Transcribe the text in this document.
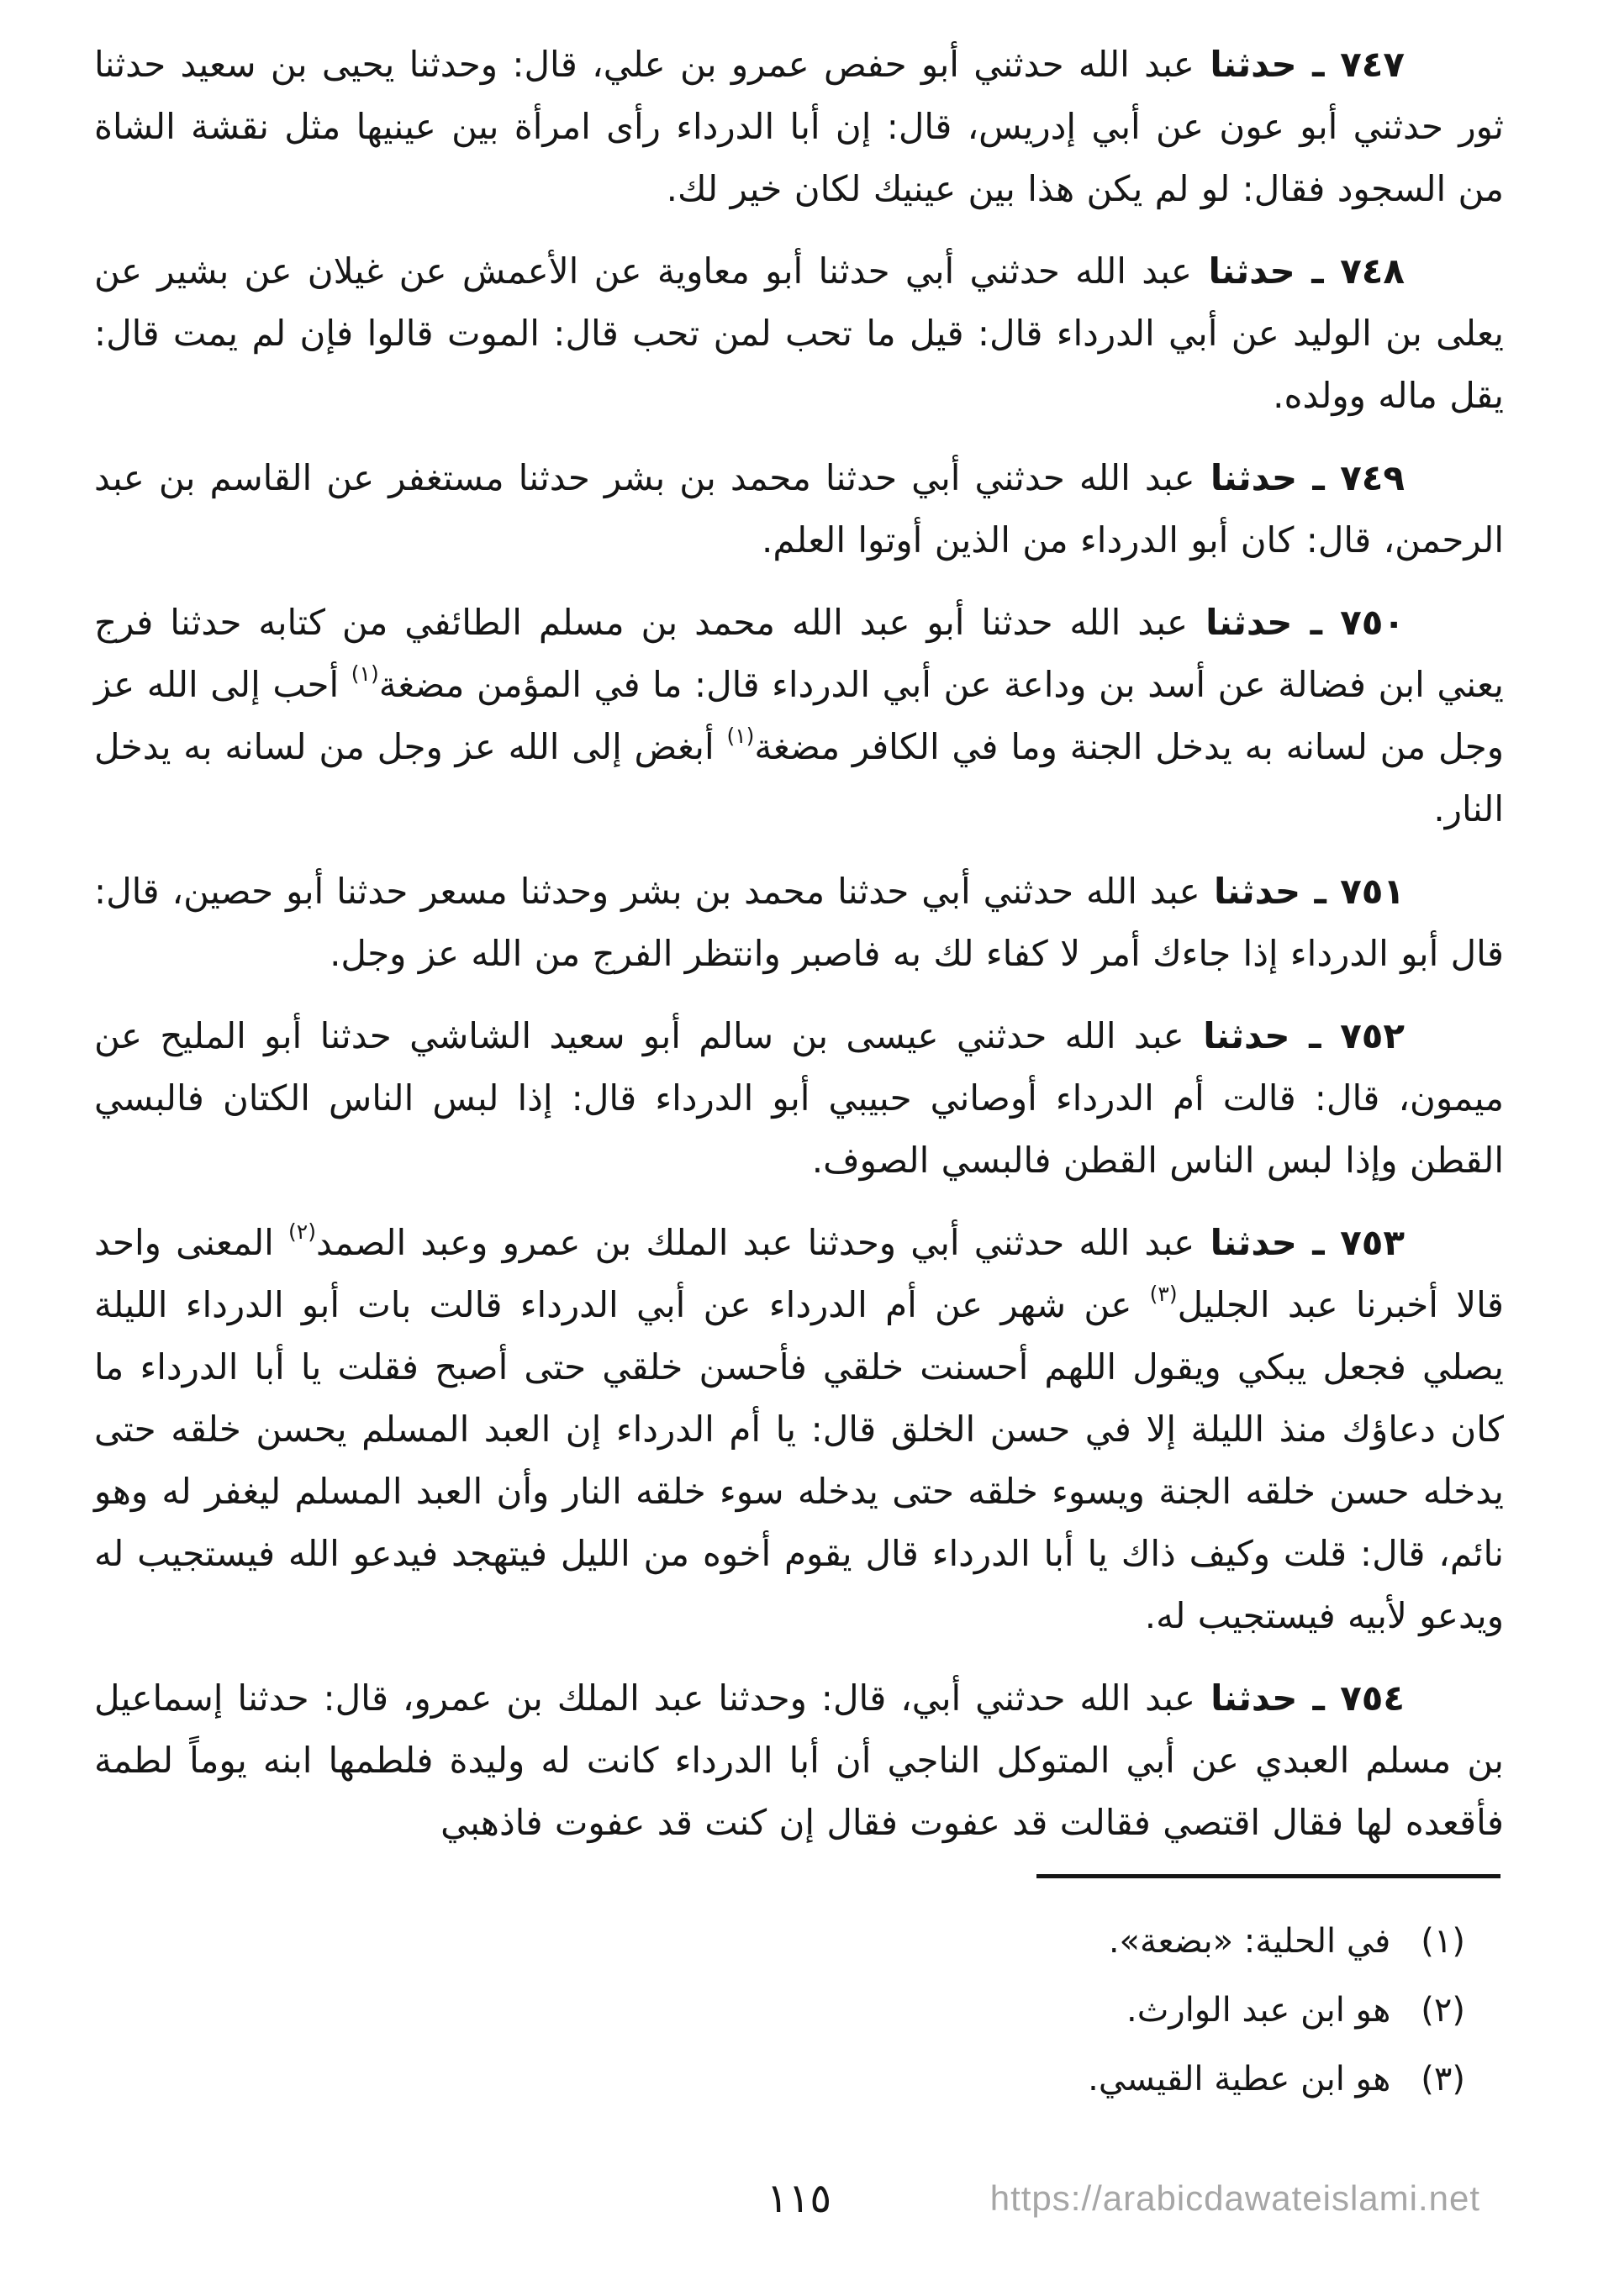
٧٤٧ ـ حدثنا عبد الله حدثني أبو حفص عمرو بن علي، قال: وحدثنا يحيى بن سعيد حدثنا ثور حدثني أبو عون عن أبي إدريس، قال: إن أبا الدرداء رأى امرأة بين عينيها مثل نقشة الشاة من السجود فقال: لو لم يكن هذا بين عينيك لكان خير لك.

٧٤٨ ـ حدثنا عبد الله حدثني أبي حدثنا أبو معاوية عن الأعمش عن غيلان عن بشير عن يعلى بن الوليد عن أبي الدرداء قال: قيل ما تحب لمن تحب قال: الموت قالوا فإن لم يمت قال: يقل ماله وولده.

٧٤٩ ـ حدثنا عبد الله حدثني أبي حدثنا محمد بن بشر حدثنا مستغفر عن القاسم بن عبد الرحمن، قال: كان أبو الدرداء من الذين أوتوا العلم.

٧٥٠ ـ حدثنا عبد الله حدثنا أبو عبد الله محمد بن مسلم الطائفي من كتابه حدثنا فرج يعني ابن فضالة عن أسد بن وداعة عن أبي الدرداء قال: ما في المؤمن مضغة$^{(١)}$ أحب إلى الله عز وجل من لسانه به يدخل الجنة وما في الكافر مضغة$^{(١)}$ أبغض إلى الله عز وجل من لسانه به يدخل النار.

٧٥١ ـ حدثنا عبد الله حدثني أبي حدثنا محمد بن بشر وحدثنا مسعر حدثنا أبو حصين، قال: قال أبو الدرداء إذا جاءك أمر لا كفاء لك به فاصبر وانتظر الفرج من الله عز وجل.

٧٥٢ ـ حدثنا عبد الله حدثني عيسى بن سالم أبو سعيد الشاشي حدثنا أبو المليح عن ميمون، قال: قالت أم الدرداء أوصاني حبيبي أبو الدرداء قال: إذا لبس الناس الكتان فالبسي القطن وإذا لبس الناس القطن فالبسي الصوف.

٧٥٣ ـ حدثنا عبد الله حدثني أبي وحدثنا عبد الملك بن عمرو وعبد الصمد$^{(٢)}$ المعنى واحد قالا أخبرنا عبد الجليل$^{(٣)}$ عن شهر عن أم الدرداء عن أبي الدرداء قالت بات أبو الدرداء الليلة يصلي فجعل يبكي ويقول اللهم أحسنت خلقي فأحسن خلقي حتى أصبح فقلت يا أبا الدرداء ما كان دعاؤك منذ الليلة إلا في حسن الخلق قال: يا أم الدرداء إن العبد المسلم يحسن خلقه حتى يدخله حسن خلقه الجنة ويسوء خلقه حتى يدخله سوء خلقه النار وأن العبد المسلم ليغفر له وهو نائم، قال: قلت وكيف ذاك يا أبا الدرداء قال يقوم أخوه من الليل فيتهجد فيدعو الله فيستجيب له ويدعو لأبيه فيستجيب له.

٧٥٤ ـ حدثنا عبد الله حدثني أبي، قال: وحدثنا عبد الملك بن عمرو، قال: حدثنا إسماعيل بن مسلم العبدي عن أبي المتوكل الناجي أن أبا الدرداء كانت له وليدة فلطمها ابنه يوماً لطمة فأقعده لها فقال اقتصي فقالت قد عفوت فقال إن كنت قد عفوت فاذهبي

(١)في الحلية: «بضعة».

(٢)هو ابن عبد الوارث.

(٣)هو ابن عطية القيسي.

١١٥	https://arabicdawateislami.net
